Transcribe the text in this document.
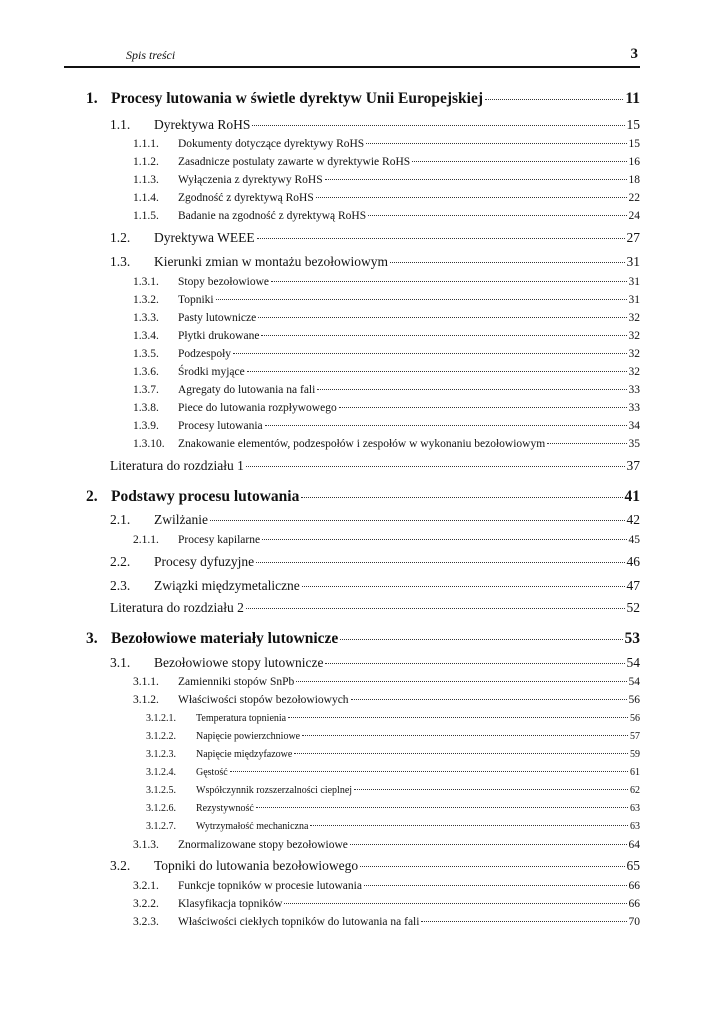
Spis treści	3
1. Procesy lutowania w świetle dyrektyw Unii Europejskiej	11
1.1.	Dyrektywa RoHS	15
1.1.1.	Dokumenty dotyczące dyrektywy RoHS	15
1.1.2.	Zasadnicze postulaty zawarte w dyrektywie RoHS	16
1.1.3.	Wyłączenia z dyrektywy RoHS	18
1.1.4.	Zgodność z dyrektywą RoHS	22
1.1.5.	Badanie na zgodność z dyrektywą RoHS	24
1.2.	Dyrektywa WEEE	27
1.3.	Kierunki zmian w montażu bezołowiowym	31
1.3.1.	Stopy bezołowiowe	31
1.3.2.	Topniki	31
1.3.3.	Pasty lutownicze	32
1.3.4.	Płytki drukowane	32
1.3.5.	Podzespoły	32
1.3.6.	Środki myjące	32
1.3.7.	Agregaty do lutowania na fali	33
1.3.8.	Piece do lutowania rozpływowego	33
1.3.9.	Procesy lutowania	34
1.3.10.	Znakowanie elementów, podzespołów i zespołów w wykonaniu bezołowiowym	35
Literatura do rozdziału 1	37
2. Podstawy procesu lutowania	41
2.1.	Zwilżanie	42
2.1.1.	Procesy kapilarne	45
2.2.	Procesy dyfuzyjne	46
2.3.	Związki międzymetaliczne	47
Literatura do rozdziału 2	52
3. Bezołowiowe materiały lutownicze	53
3.1.	Bezołowiowe stopy lutownicze	54
3.1.1.	Zamienniki stopów SnPb	54
3.1.2.	Właściwości stopów bezołowiowych	56
3.1.2.1.	Temperatura topnienia	56
3.1.2.2.	Napięcie powierzchniowe	57
3.1.2.3.	Napięcie międzyfazowe	59
3.1.2.4.	Gęstość	61
3.1.2.5.	Współczynnik rozszerzalności cieplnej	62
3.1.2.6.	Rezystywność	63
3.1.2.7.	Wytrzymałość mechaniczna	63
3.1.3.	Znormalizowane stopy bezołowiowe	64
3.2.	Topniki do lutowania bezołowiowego	65
3.2.1.	Funkcje topników w procesie lutowania	66
3.2.2.	Klasyfikacja topników	66
3.2.3.	Właściwości ciekłych topników do lutowania na fali	70
